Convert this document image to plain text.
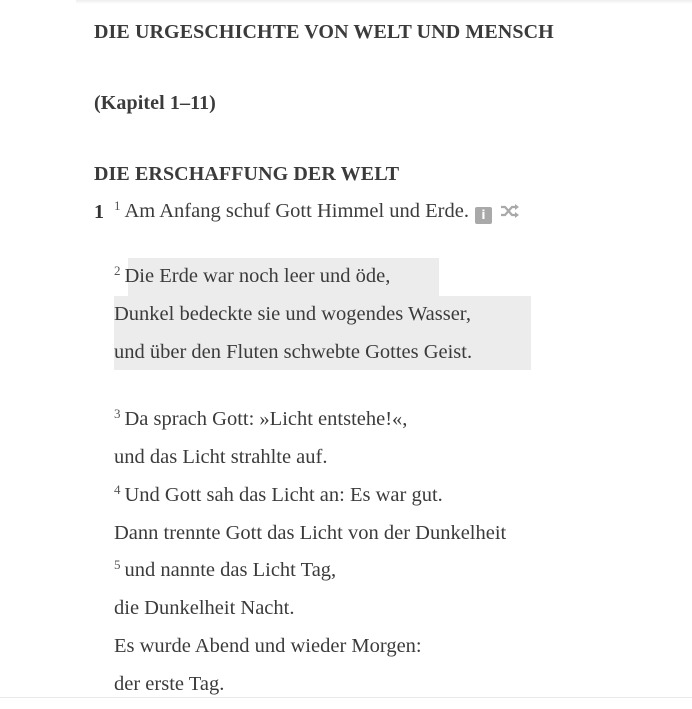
DIE URGESCHICHTE VON WELT UND MENSCH
(Kapitel 1–11)
DIE ERSCHAFFUNG DER WELT
1 $^1$ Am Anfang schuf Gott Himmel und Erde. i
$^2$ Die Erde war noch leer und öde,
Dunkel bedeckte sie und wogendes Wasser,
und über den Fluten schwebte Gottes Geist.
$^3$ Da sprach Gott: »Licht entstehe!«,
und das Licht strahlte auf.
$^4$ Und Gott sah das Licht an: Es war gut.
Dann trennte Gott das Licht von der Dunkelheit
$^5$ und nannte das Licht Tag,
die Dunkelheit Nacht.
Es wurde Abend und wieder Morgen:
der erste Tag.
